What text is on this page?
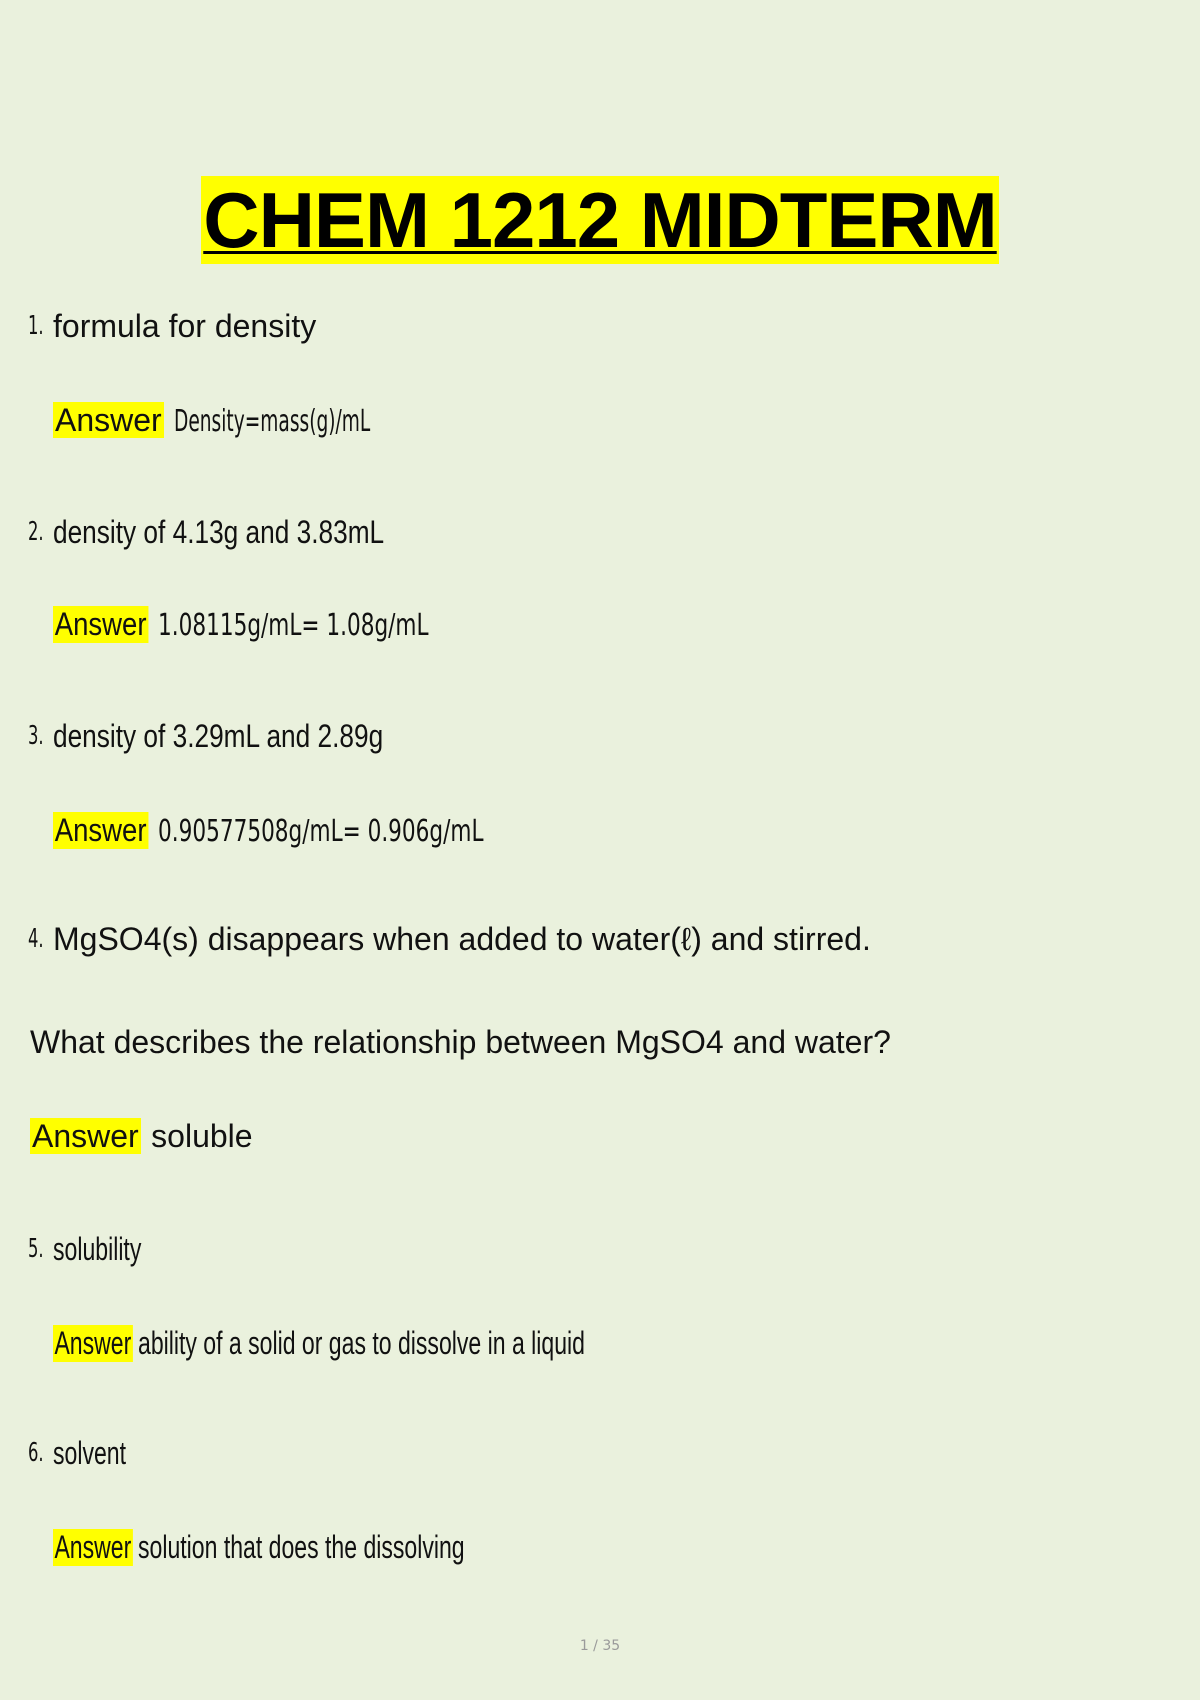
CHEM 1212 MIDTERM
1. formula for density
Answer Density=mass(g)/mL
2. density of 4.13g and 3.83mL
Answer 1.08115g/mL= 1.08g/mL
3. density of 3.29mL and 2.89g
Answer 0.90577508g/mL= 0.906g/mL
4. MgSO4(s) disappears when added to water(ℓ) and stirred.
What describes the relationship between MgSO4 and water?
Answer soluble
5. solubility
Answer ability of a solid or gas to dissolve in a liquid
6. solvent
Answer solution that does the dissolving
1 / 35
